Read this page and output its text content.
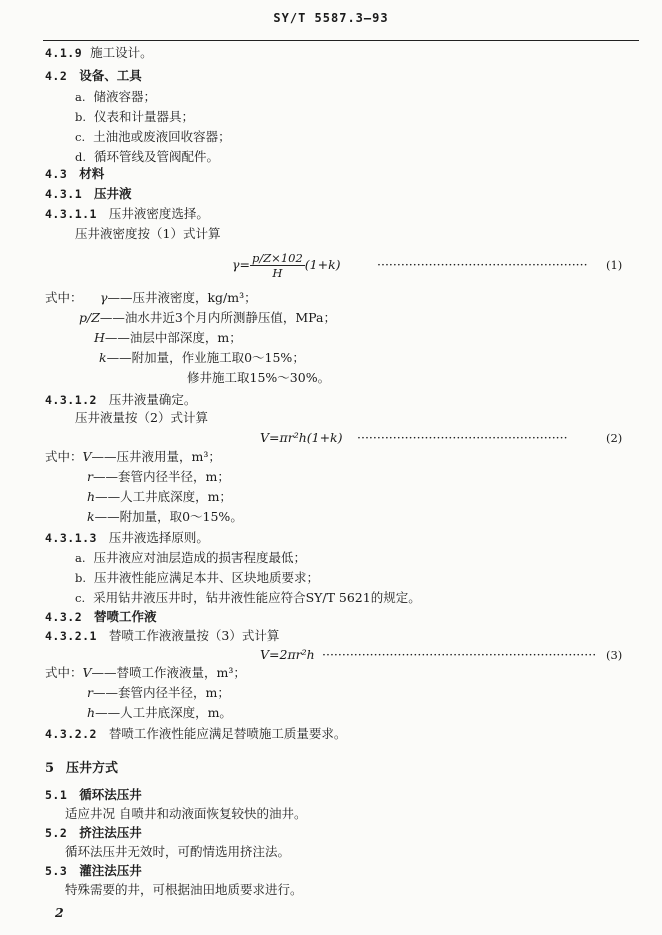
SY/T 5587.3—93
4.1.9 施工设计。
4.2 设备、工具
a. 储液容器；
b. 仪表和计量器具；
c. 土油池或废液回收容器；
d. 循环管线及管阀配件。
4.3 材料
4.3.1 压井液
4.3.1.1 压井液密度选择。
压井液密度按（1）式计算
$\gamma= \frac{p/Z\times 102}{H} (1+k)$	·····················································	(1)
式中： γ——压井液密度，kg/m³；
p/Z——油水井近3个月内所测静压值，MPa；
H——油层中部深度，m；
k——附加量，作业施工取0～15%；
修井施工取15%～30%。
4.3.1.2 压井液量确定。
压井液量按（2）式计算
V=πr²h(1+k) ·····················································	(2)
式中：V——压井液用量，m³；
r——套管内径半径，m；
h——人工井底深度，m；
k——附加量，取0～15%。
4.3.1.3 压井液选择原则。
a. 压井液应对油层造成的损害程度最低；
b. 压井液性能应满足本井、区块地质要求；
c. 采用钻井液压井时，钻井液性能应符合SY/T 5621的规定。
4.3.2 替喷工作液
4.3.2.1 替喷工作液液量按（3）式计算
V=2πr²h ····································································· (3)
式中：V——替喷工作液液量，m³；
r——套管内径半径，m；
h——人工井底深度，m。
4.3.2.2 替喷工作液性能应满足替喷施工质量要求。
5 压井方式
5.1 循环法压井
适应井况 自喷井和动液面恢复较快的油井。
5.2 挤注法压井
循环法压井无效时，可酌情选用挤注法。
5.3 灌注法压井
特殊需要的井，可根据油田地质要求进行。
2
